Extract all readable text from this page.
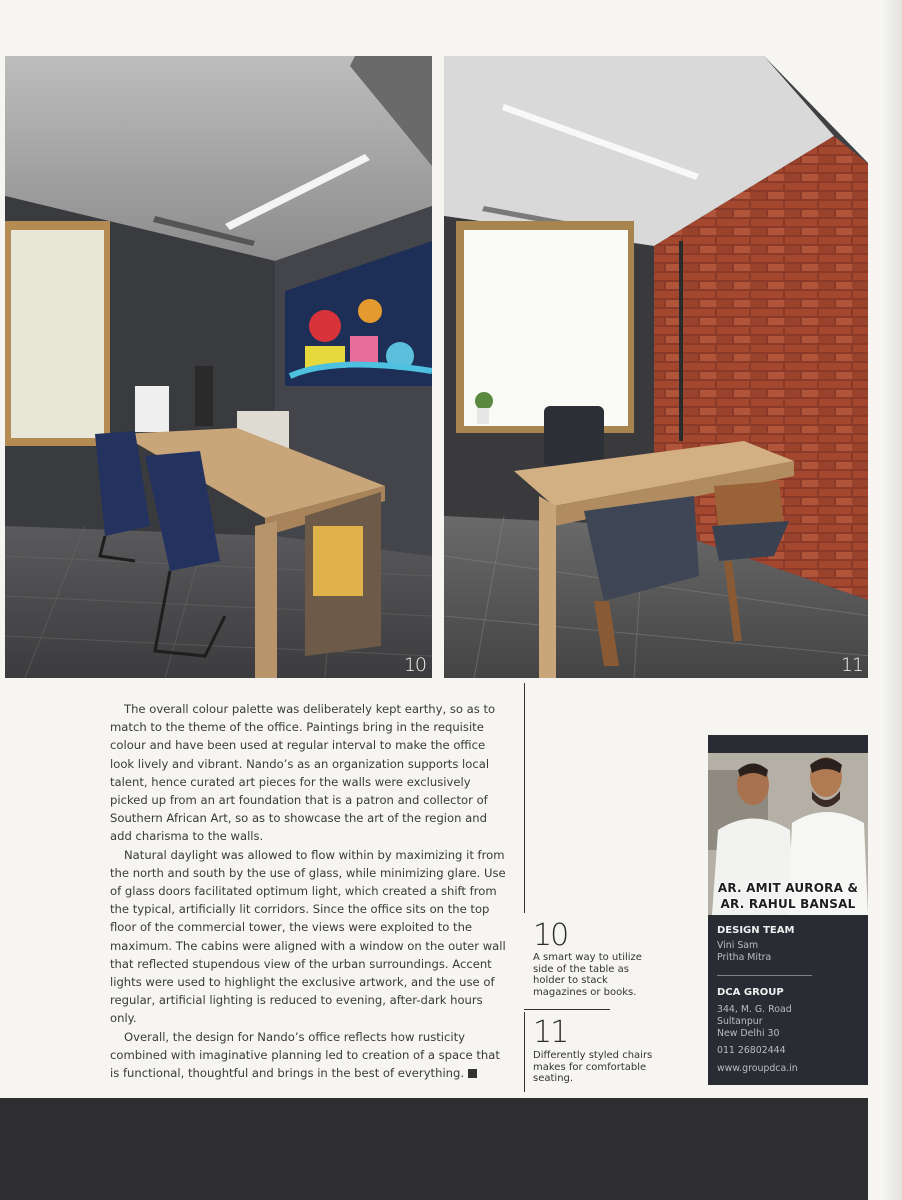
10	11

The overall colour palette was deliberately kept earthy, so as to match to the theme of the office. Paintings bring in the requisite colour and have been used at regular interval to make the office look lively and vibrant. Nando’s as an organization supports local talent, hence curated art pieces for the walls were exclusively picked up from an art foundation that is a patron and collector of Southern African Art, so as to showcase the art of the region and add charisma to the walls.

Natural daylight was allowed to flow within by maximizing it from the north and south by the use of glass, while minimizing glare. Use of glass doors facilitated optimum light, which created a shift from the typical, artificially lit corridors. Since the office sits on the top floor of the commercial tower, the views were exploited to the maximum. The cabins were aligned with a window on the outer wall that reflected stupendous view of the urban surroundings. Accent lights were used to highlight the exclusive artwork, and the use of regular, artificial lighting is reduced to evening, after-dark hours only.

Overall, the design for Nando’s office reflects how rusticity combined with imaginative planning led to creation of a space that is functional, thoughtful and brings in the best of everything.

10
A smart way to utilize side of the table as holder to stack magazines or books.
11
Differently styled chairs makes for comfortable seating.
AR. AMIT AURORA &
AR. RAHUL BANSAL
DESIGN TEAM
Vini Sam
Pritha Mitra
DCA GROUP
344, M. G. Road
Sultanpur
New Delhi 30
011 26802444
www.groupdca.in
